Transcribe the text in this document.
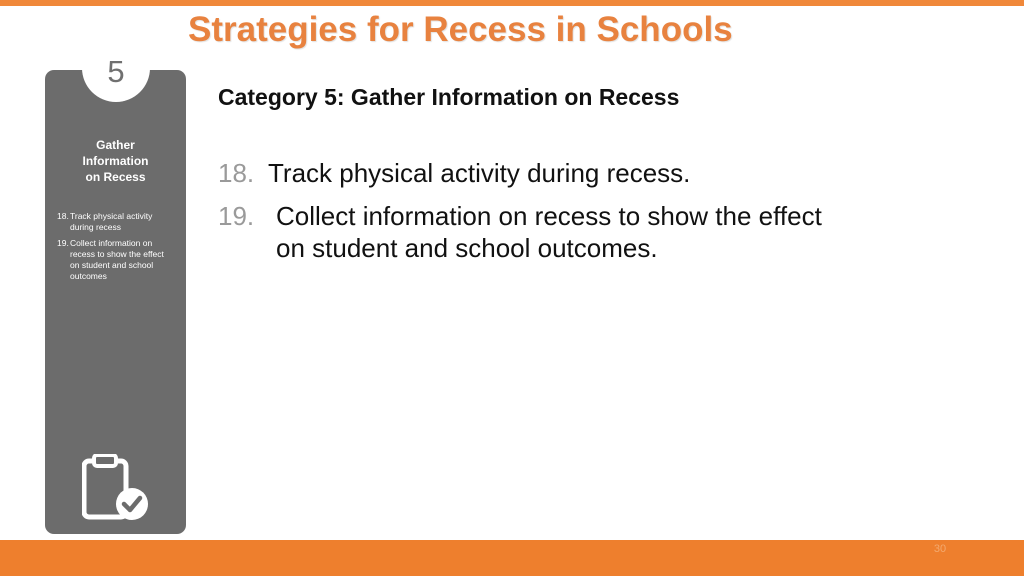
Strategies for Recess in Schools
5
Gather
Information
on Recess
18. Track physical activity
during recess
19. Collect information on
recess to show the effect
on student and school
outcomes
Category 5: Gather Information on Recess
18. Track physical activity during recess.
19. Collect information on recess to show the effect
on student and school outcomes.
30
